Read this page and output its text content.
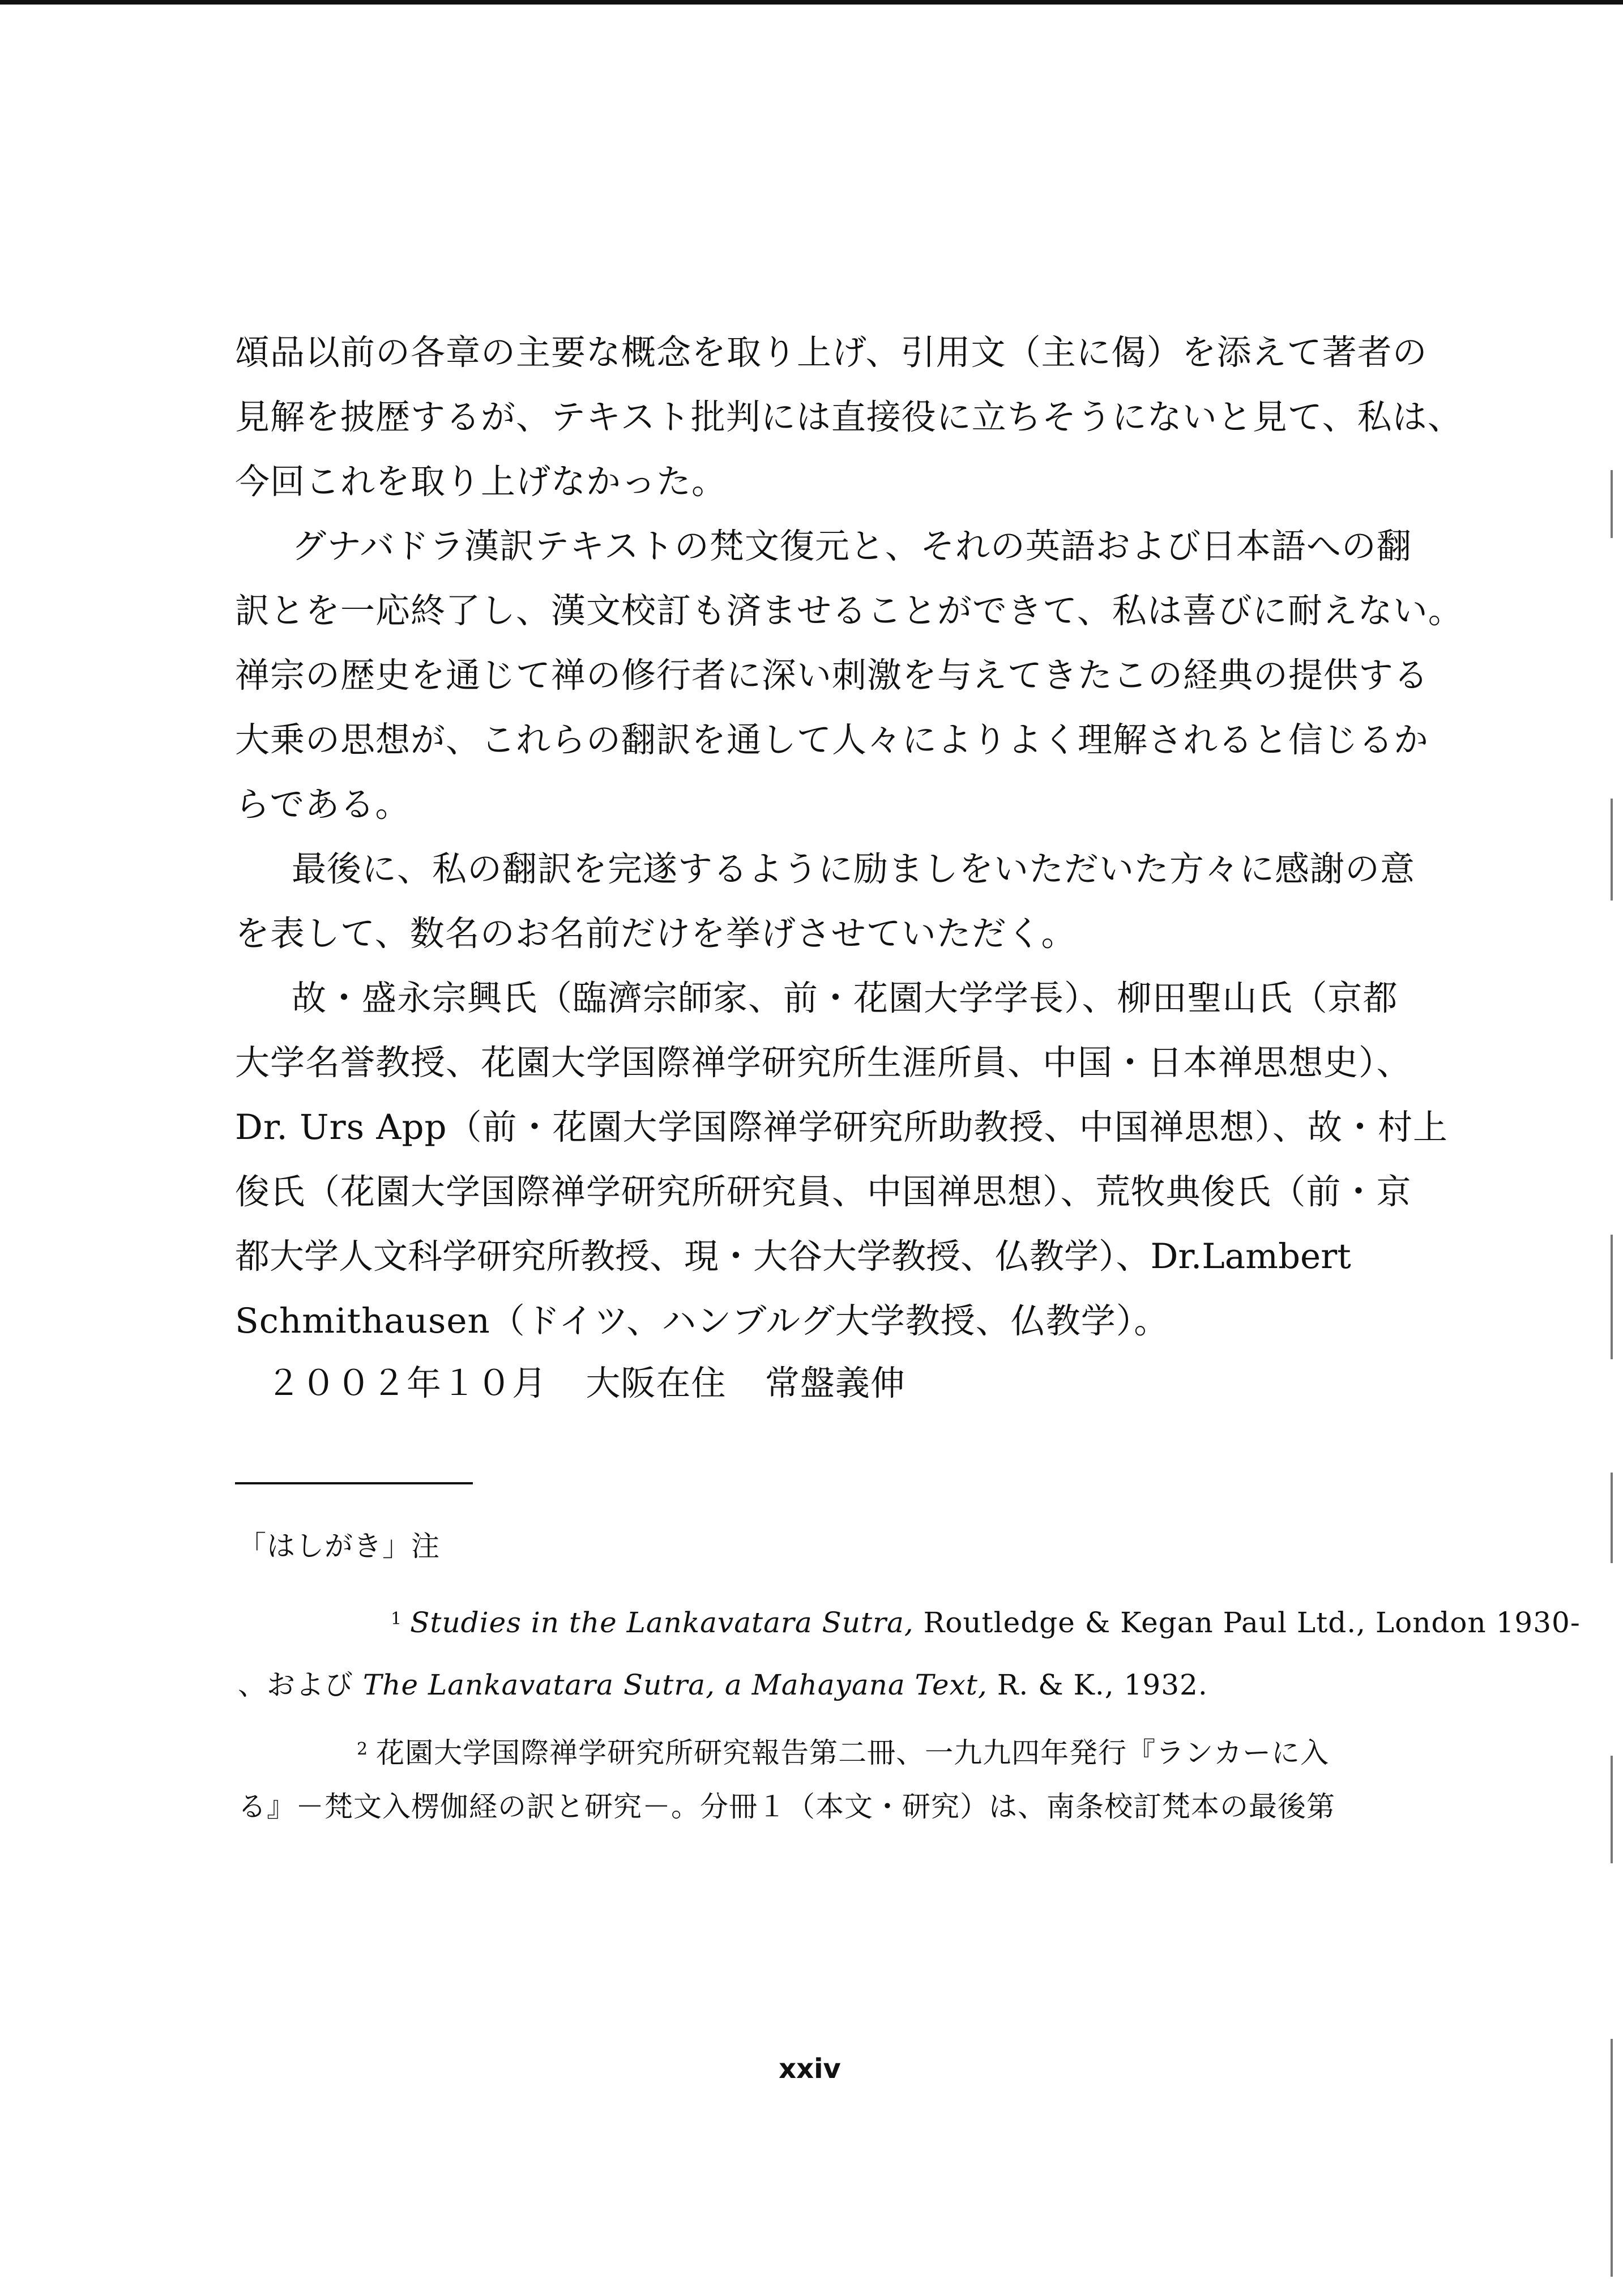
頌品以前の各章の主要な概念を取り上げ、引用文（主に偈）を添えて著者の
見解を披歴するが、テキスト批判には直接役に立ちそうにないと見て、私は、
今回これを取り上げなかった。
グナバドラ漢訳テキストの梵文復元と、それの英語および日本語への翻
訳とを一応終了し、漢文校訂も済ませることができて、私は喜びに耐えない。
禅宗の歴史を通じて禅の修行者に深い刺激を与えてきたこの経典の提供する
大乗の思想が、これらの翻訳を通して人々によりよく理解されると信じるか
らである。
最後に、私の翻訳を完遂するように励ましをいただいた方々に感謝の意
を表して、数名のお名前だけを挙げさせていただく。
故・盛永宗興氏（臨濟宗師家、前・花園大学学長）、柳田聖山氏（京都
大学名誉教授、花園大学国際禅学研究所生涯所員、中国・日本禅思想史）、
Dr. Urs App（前・花園大学国際禅学研究所助教授、中国禅思想）、故・村上
俊氏（花園大学国際禅学研究所研究員、中国禅思想）、荒牧典俊氏（前・京
都大学人文科学研究所教授、現・大谷大学教授、仏教学）、Dr. Lambert
Schmithausen（ドイツ、ハンブルグ大学教授、仏教学）。
２００２年１０月 大阪在住 常盤義伸
「はしがき」注
$^1$ Studies in the Lankavatara Sutra, Routledge & Kegan Paul Ltd., London 1930-
、および The Lankavatara Sutra, a Mahayana Text, R. & K., 1932.
$^2$ 花園大学国際禅学研究所研究報告第二冊、一九九四年発行『ランカーに入
る』－梵文入楞伽経の訳と研究－。分冊１（本文・研究）は、南条校訂梵本の最後第
xxiv
